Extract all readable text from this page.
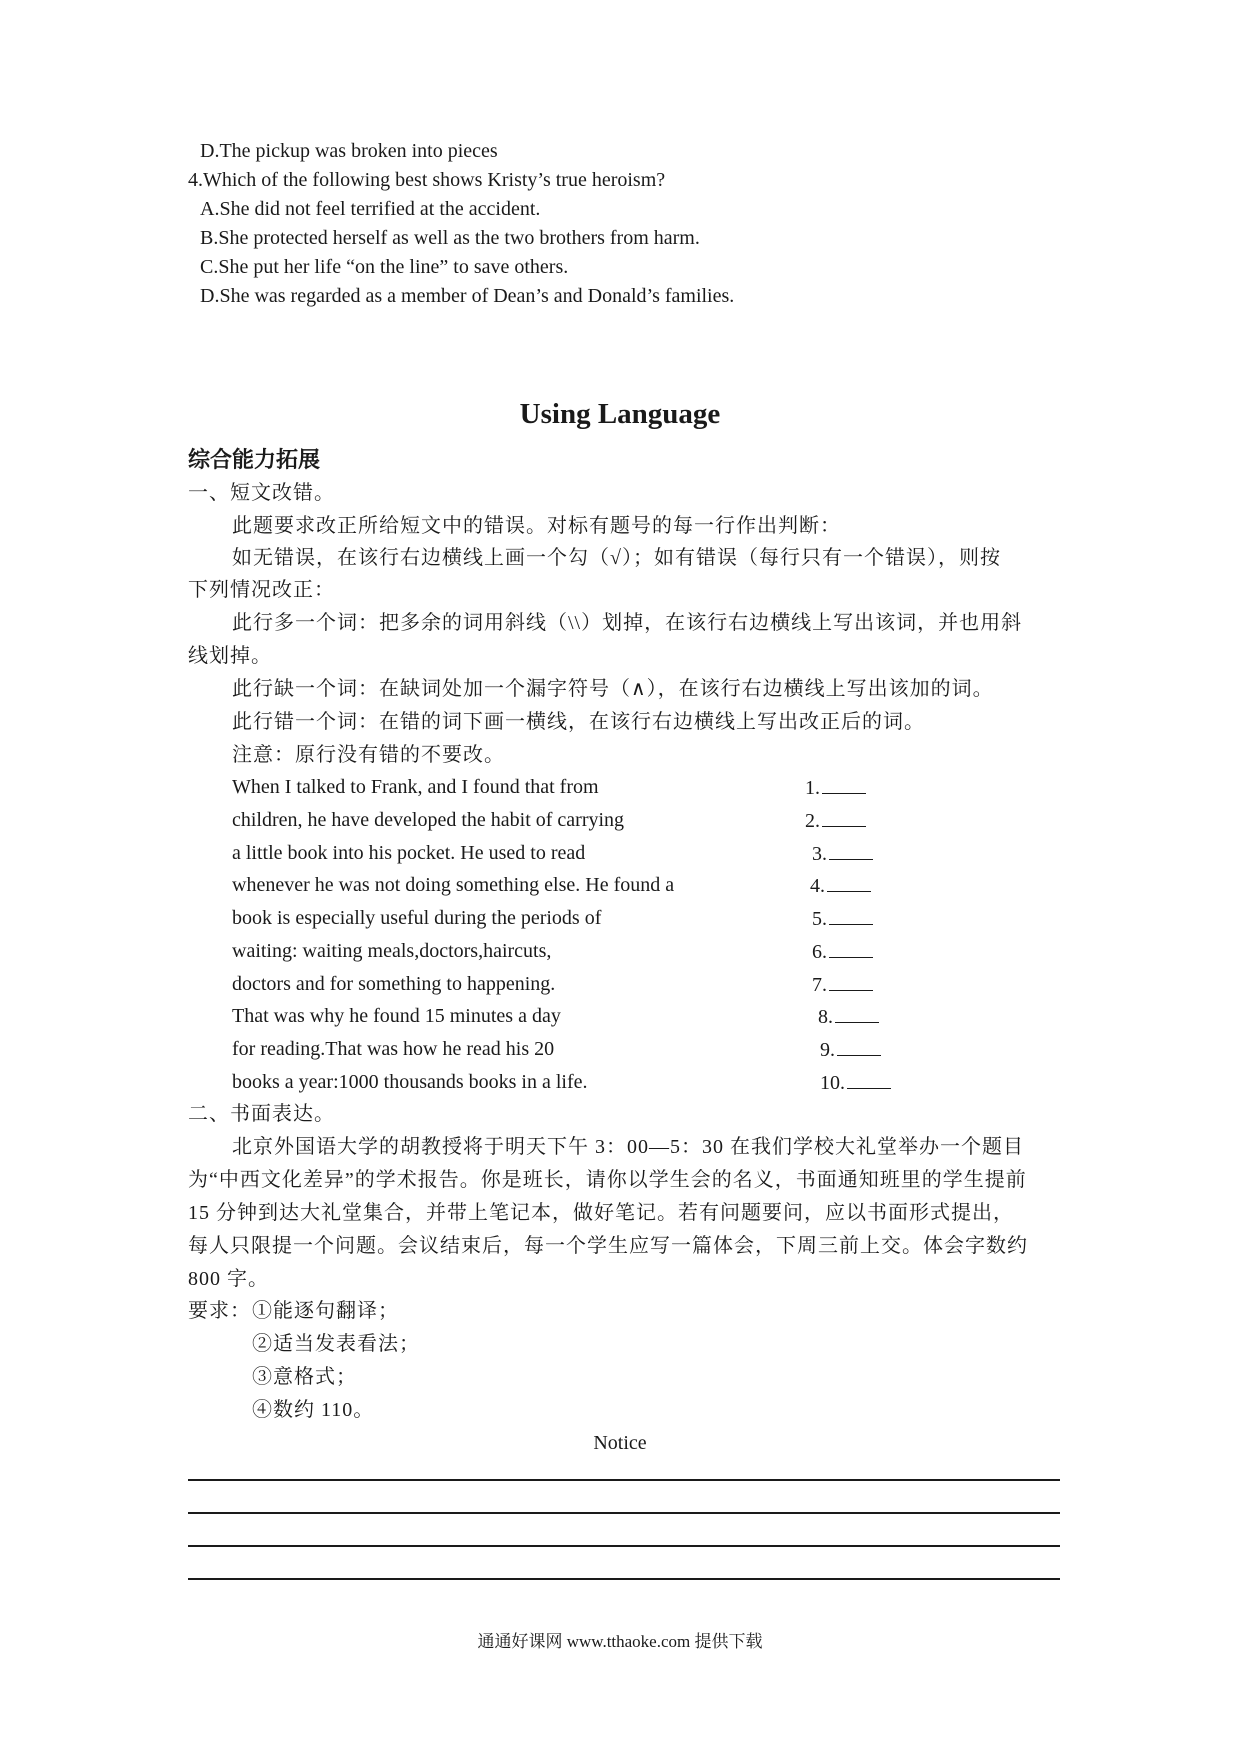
D.The pickup was broken into pieces
4.Which of the following best shows Kristy’s true heroism?
A.She did not feel terrified at the accident.
B.She protected herself as well as the two brothers from harm.
C.She put her life “on the line” to save others.
D.She was regarded as a member of Dean’s and Donald’s families.
Using Language
综合能力拓展
一、短文改错。
此题要求改正所给短文中的错误。对标有题号的每一行作出判断：
如无错误，在该行右边横线上画一个勾（√）；如有错误（每行只有一个错误），则按
下列情况改正：
此行多一个词：把多余的词用斜线（\\）划掉，在该行右边横线上写出该词，并也用斜
线划掉。
此行缺一个词：在缺词处加一个漏字符号（∧），在该行右边横线上写出该加的词。
此行错一个词：在错的词下画一横线，在该行右边横线上写出改正后的词。
注意：原行没有错的不要改。
When I talked to Frank, and I found that from
children, he have developed the habit of carrying
a little book into his pocket. He used to read
whenever he was not doing something else. He found a
book is especially useful during the periods of
waiting: waiting meals,doctors,haircuts,
doctors and for something to happening.
That was why he found 15 minutes a day
for reading.That was how he read his 20
books a year:1000 thousands books in a life.
1.
2.
3.
4.
5.
6.
7.
8.
9.
10.
二、书面表达。
北京外国语大学的胡教授将于明天下午 3：00—5：30 在我们学校大礼堂举办一个题目
为“中西文化差异”的学术报告。你是班长，请你以学生会的名义，书面通知班里的学生提前
15 分钟到达大礼堂集合，并带上笔记本，做好笔记。若有问题要问，应以书面形式提出，
每人只限提一个问题。会议结束后，每一个学生应写一篇体会，下周三前上交。体会字数约
800 字。
要求： ①能逐句翻译；
②适当发表看法；
③意格式；
④数约 110。
Notice
通通好课网 www.tthaoke.com 提供下载
